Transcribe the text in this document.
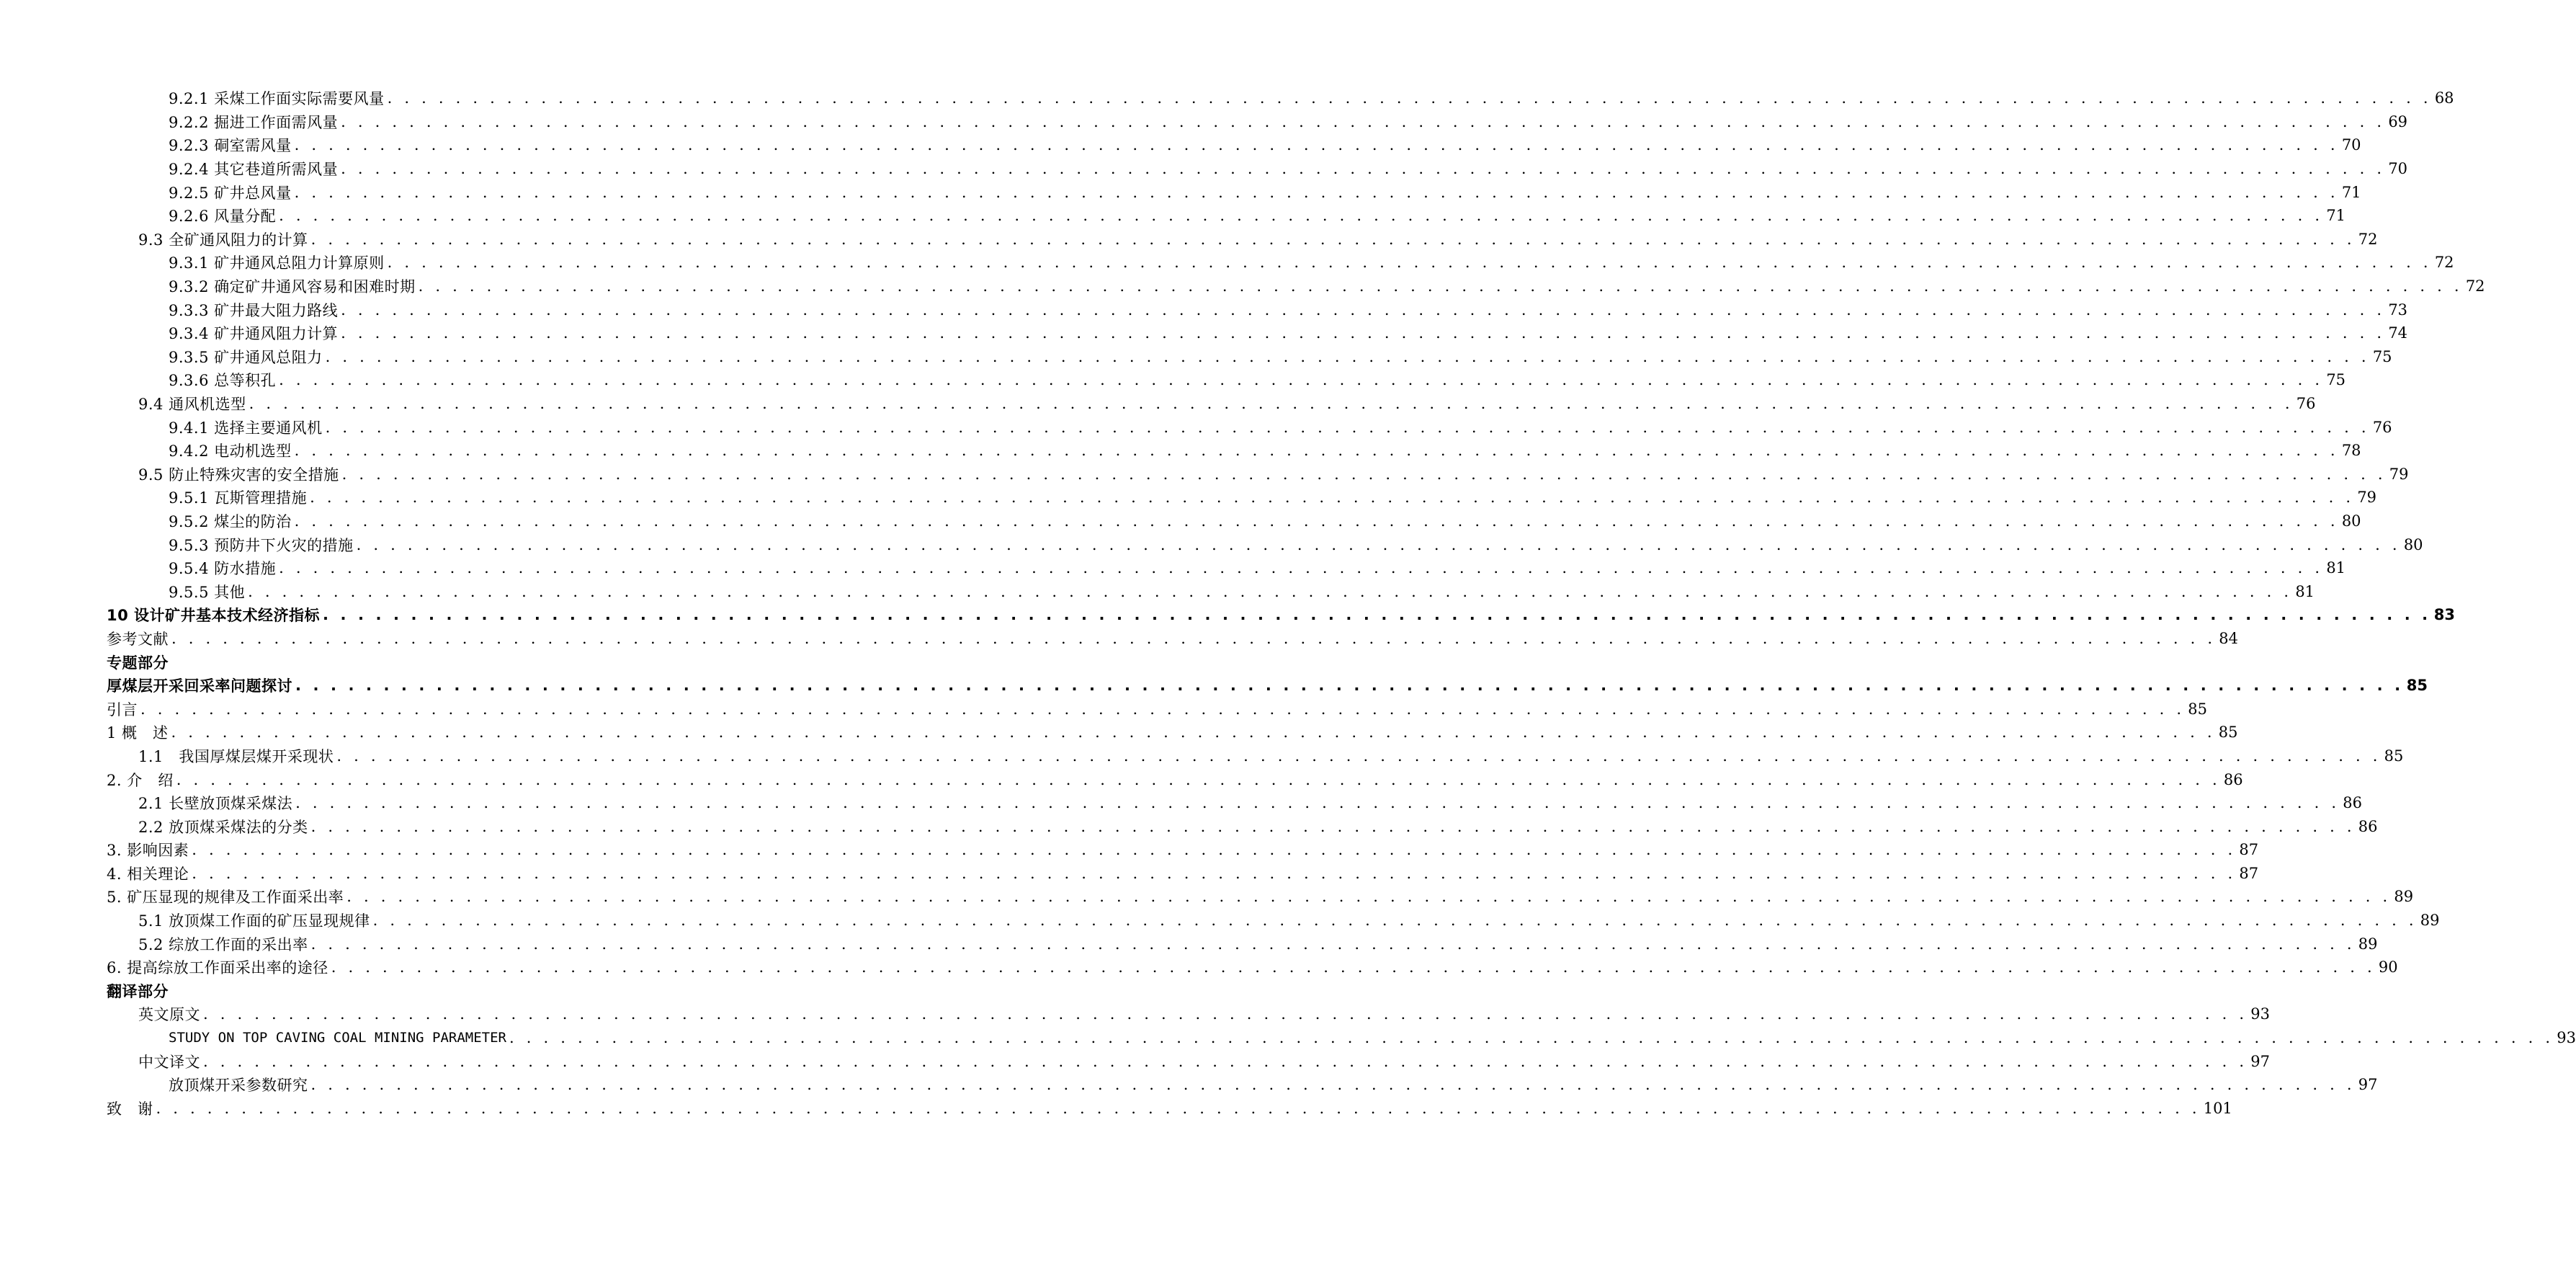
9.2.1 采煤工作面实际需要风量 . . . . . . . . . . . . . . . . . . . . . . . . . . . . . . . . . . . . . . . . . . . . . . . . . . . . . . . . . . . . . . . . . . . . . . . . . . . . . . . . . . . . . . . . . . . . . . . . . . . . . . . . . . . . . . . . . . . . . . . . 68
9.2.2 掘进工作面需风量 . . . . . . . . . . . . . . . . . . . . . . . . . . . . . . . . . . . . . . . . . . . . . . . . . . . . . . . . . . . . . . . . . . . . . . . . . . . . . . . . . . . . . . . . . . . . . . . . . . . . . . . . . . . . . . . . . . . . . . . . 69
9.2.3 硐室需风量 . . . . . . . . . . . . . . . . . . . . . . . . . . . . . . . . . . . . . . . . . . . . . . . . . . . . . . . . . . . . . . . . . . . . . . . . . . . . . . . . . . . . . . . . . . . . . . . . . . . . . . . . . . . . . . . . . . . . . . . . 70
9.2.4 其它巷道所需风量 . . . . . . . . . . . . . . . . . . . . . . . . . . . . . . . . . . . . . . . . . . . . . . . . . . . . . . . . . . . . . . . . . . . . . . . . . . . . . . . . . . . . . . . . . . . . . . . . . . . . . . . . . . . . . . . . . . . . . . . . 70
9.2.5 矿井总风量 . . . . . . . . . . . . . . . . . . . . . . . . . . . . . . . . . . . . . . . . . . . . . . . . . . . . . . . . . . . . . . . . . . . . . . . . . . . . . . . . . . . . . . . . . . . . . . . . . . . . . . . . . . . . . . . . . . . . . . . . 71
9.2.6 风量分配 . . . . . . . . . . . . . . . . . . . . . . . . . . . . . . . . . . . . . . . . . . . . . . . . . . . . . . . . . . . . . . . . . . . . . . . . . . . . . . . . . . . . . . . . . . . . . . . . . . . . . . . . . . . . . . . . . . . . . . . . 71
9.3 全矿通风阻力的计算 . . . . . . . . . . . . . . . . . . . . . . . . . . . . . . . . . . . . . . . . . . . . . . . . . . . . . . . . . . . . . . . . . . . . . . . . . . . . . . . . . . . . . . . . . . . . . . . . . . . . . . . . . . . . . . . . . . . . . . . . 72
9.3.1 矿井通风总阻力计算原则 . . . . . . . . . . . . . . . . . . . . . . . . . . . . . . . . . . . . . . . . . . . . . . . . . . . . . . . . . . . . . . . . . . . . . . . . . . . . . . . . . . . . . . . . . . . . . . . . . . . . . . . . . . . . . . . . . . . . . . . . 72
9.3.2 确定矿井通风容易和困难时期 . . . . . . . . . . . . . . . . . . . . . . . . . . . . . . . . . . . . . . . . . . . . . . . . . . . . . . . . . . . . . . . . . . . . . . . . . . . . . . . . . . . . . . . . . . . . . . . . . . . . . . . . . . . . . . . . . . . . . . . . 72
9.3.3 矿井最大阻力路线 . . . . . . . . . . . . . . . . . . . . . . . . . . . . . . . . . . . . . . . . . . . . . . . . . . . . . . . . . . . . . . . . . . . . . . . . . . . . . . . . . . . . . . . . . . . . . . . . . . . . . . . . . . . . . . . . . . . . . . . . 73
9.3.4 矿井通风阻力计算 . . . . . . . . . . . . . . . . . . . . . . . . . . . . . . . . . . . . . . . . . . . . . . . . . . . . . . . . . . . . . . . . . . . . . . . . . . . . . . . . . . . . . . . . . . . . . . . . . . . . . . . . . . . . . . . . . . . . . . . . 74
9.3.5 矿井通风总阻力 . . . . . . . . . . . . . . . . . . . . . . . . . . . . . . . . . . . . . . . . . . . . . . . . . . . . . . . . . . . . . . . . . . . . . . . . . . . . . . . . . . . . . . . . . . . . . . . . . . . . . . . . . . . . . . . . . . . . . . . . 75
9.3.6 总等积孔 . . . . . . . . . . . . . . . . . . . . . . . . . . . . . . . . . . . . . . . . . . . . . . . . . . . . . . . . . . . . . . . . . . . . . . . . . . . . . . . . . . . . . . . . . . . . . . . . . . . . . . . . . . . . . . . . . . . . . . . . 75
9.4 通风机选型 . . . . . . . . . . . . . . . . . . . . . . . . . . . . . . . . . . . . . . . . . . . . . . . . . . . . . . . . . . . . . . . . . . . . . . . . . . . . . . . . . . . . . . . . . . . . . . . . . . . . . . . . . . . . . . . . . . . . . . . . 76
9.4.1 选择主要通风机 . . . . . . . . . . . . . . . . . . . . . . . . . . . . . . . . . . . . . . . . . . . . . . . . . . . . . . . . . . . . . . . . . . . . . . . . . . . . . . . . . . . . . . . . . . . . . . . . . . . . . . . . . . . . . . . . . . . . . . . . 76
9.4.2 电动机选型 . . . . . . . . . . . . . . . . . . . . . . . . . . . . . . . . . . . . . . . . . . . . . . . . . . . . . . . . . . . . . . . . . . . . . . . . . . . . . . . . . . . . . . . . . . . . . . . . . . . . . . . . . . . . . . . . . . . . . . . . 78
9.5 防止特殊灾害的安全措施 . . . . . . . . . . . . . . . . . . . . . . . . . . . . . . . . . . . . . . . . . . . . . . . . . . . . . . . . . . . . . . . . . . . . . . . . . . . . . . . . . . . . . . . . . . . . . . . . . . . . . . . . . . . . . . . . . . . . . . . . 79
9.5.1 瓦斯管理措施 . . . . . . . . . . . . . . . . . . . . . . . . . . . . . . . . . . . . . . . . . . . . . . . . . . . . . . . . . . . . . . . . . . . . . . . . . . . . . . . . . . . . . . . . . . . . . . . . . . . . . . . . . . . . . . . . . . . . . . . . 79
9.5.2 煤尘的防治 . . . . . . . . . . . . . . . . . . . . . . . . . . . . . . . . . . . . . . . . . . . . . . . . . . . . . . . . . . . . . . . . . . . . . . . . . . . . . . . . . . . . . . . . . . . . . . . . . . . . . . . . . . . . . . . . . . . . . . . . 80
9.5.3 预防井下火灾的措施 . . . . . . . . . . . . . . . . . . . . . . . . . . . . . . . . . . . . . . . . . . . . . . . . . . . . . . . . . . . . . . . . . . . . . . . . . . . . . . . . . . . . . . . . . . . . . . . . . . . . . . . . . . . . . . . . . . . . . . . . 80
9.5.4 防水措施 . . . . . . . . . . . . . . . . . . . . . . . . . . . . . . . . . . . . . . . . . . . . . . . . . . . . . . . . . . . . . . . . . . . . . . . . . . . . . . . . . . . . . . . . . . . . . . . . . . . . . . . . . . . . . . . . . . . . . . . . 81
9.5.5 其他 . . . . . . . . . . . . . . . . . . . . . . . . . . . . . . . . . . . . . . . . . . . . . . . . . . . . . . . . . . . . . . . . . . . . . . . . . . . . . . . . . . . . . . . . . . . . . . . . . . . . . . . . . . . . . . . . . . . . . . . . 81
10 设计矿井基本技术经济指标 . . . . . . . . . . . . . . . . . . . . . . . . . . . . . . . . . . . . . . . . . . . . . . . . . . . . . . . . . . . . . . . . . . . . . . . . . . . . . . . . . . . . . . . . . . . . . . . . . . . . . . . . . . . . . . . . . . . . . . . . 83
参考文献 . . . . . . . . . . . . . . . . . . . . . . . . . . . . . . . . . . . . . . . . . . . . . . . . . . . . . . . . . . . . . . . . . . . . . . . . . . . . . . . . . . . . . . . . . . . . . . . . . . . . . . . . . . . . . . . . . . . . . . . . 84
专题部分
厚煤层开采回采率问题探讨 . . . . . . . . . . . . . . . . . . . . . . . . . . . . . . . . . . . . . . . . . . . . . . . . . . . . . . . . . . . . . . . . . . . . . . . . . . . . . . . . . . . . . . . . . . . . . . . . . . . . . . . . . . . . . . . . . . . . . . . . 85
引言 . . . . . . . . . . . . . . . . . . . . . . . . . . . . . . . . . . . . . . . . . . . . . . . . . . . . . . . . . . . . . . . . . . . . . . . . . . . . . . . . . . . . . . . . . . . . . . . . . . . . . . . . . . . . . . . . . . . . . . . . 85
1 概　述 . . . . . . . . . . . . . . . . . . . . . . . . . . . . . . . . . . . . . . . . . . . . . . . . . . . . . . . . . . . . . . . . . . . . . . . . . . . . . . . . . . . . . . . . . . . . . . . . . . . . . . . . . . . . . . . . . . . . . . . . 85
1.1　我国厚煤层煤开采现状 . . . . . . . . . . . . . . . . . . . . . . . . . . . . . . . . . . . . . . . . . . . . . . . . . . . . . . . . . . . . . . . . . . . . . . . . . . . . . . . . . . . . . . . . . . . . . . . . . . . . . . . . . . . . . . . . . . . . . . . . 85
2. 介　绍 . . . . . . . . . . . . . . . . . . . . . . . . . . . . . . . . . . . . . . . . . . . . . . . . . . . . . . . . . . . . . . . . . . . . . . . . . . . . . . . . . . . . . . . . . . . . . . . . . . . . . . . . . . . . . . . . . . . . . . . . 86
2.1 长壁放顶煤采煤法 . . . . . . . . . . . . . . . . . . . . . . . . . . . . . . . . . . . . . . . . . . . . . . . . . . . . . . . . . . . . . . . . . . . . . . . . . . . . . . . . . . . . . . . . . . . . . . . . . . . . . . . . . . . . . . . . . . . . . . . . 86
2.2 放顶煤采煤法的分类 . . . . . . . . . . . . . . . . . . . . . . . . . . . . . . . . . . . . . . . . . . . . . . . . . . . . . . . . . . . . . . . . . . . . . . . . . . . . . . . . . . . . . . . . . . . . . . . . . . . . . . . . . . . . . . . . . . . . . . . . 86
3. 影响因素 . . . . . . . . . . . . . . . . . . . . . . . . . . . . . . . . . . . . . . . . . . . . . . . . . . . . . . . . . . . . . . . . . . . . . . . . . . . . . . . . . . . . . . . . . . . . . . . . . . . . . . . . . . . . . . . . . . . . . . . . 87
4. 相关理论 . . . . . . . . . . . . . . . . . . . . . . . . . . . . . . . . . . . . . . . . . . . . . . . . . . . . . . . . . . . . . . . . . . . . . . . . . . . . . . . . . . . . . . . . . . . . . . . . . . . . . . . . . . . . . . . . . . . . . . . . 87
5. 矿压显现的规律及工作面采出率 . . . . . . . . . . . . . . . . . . . . . . . . . . . . . . . . . . . . . . . . . . . . . . . . . . . . . . . . . . . . . . . . . . . . . . . . . . . . . . . . . . . . . . . . . . . . . . . . . . . . . . . . . . . . . . . . . . . . . . . . 89
5.1 放顶煤工作面的矿压显现规律 . . . . . . . . . . . . . . . . . . . . . . . . . . . . . . . . . . . . . . . . . . . . . . . . . . . . . . . . . . . . . . . . . . . . . . . . . . . . . . . . . . . . . . . . . . . . . . . . . . . . . . . . . . . . . . . . . . . . . . . . 89
5.2 综放工作面的采出率 . . . . . . . . . . . . . . . . . . . . . . . . . . . . . . . . . . . . . . . . . . . . . . . . . . . . . . . . . . . . . . . . . . . . . . . . . . . . . . . . . . . . . . . . . . . . . . . . . . . . . . . . . . . . . . . . . . . . . . . . 89
6. 提高综放工作面采出率的途径 . . . . . . . . . . . . . . . . . . . . . . . . . . . . . . . . . . . . . . . . . . . . . . . . . . . . . . . . . . . . . . . . . . . . . . . . . . . . . . . . . . . . . . . . . . . . . . . . . . . . . . . . . . . . . . . . . . . . . . . . 90
翻译部分
英文原文 . . . . . . . . . . . . . . . . . . . . . . . . . . . . . . . . . . . . . . . . . . . . . . . . . . . . . . . . . . . . . . . . . . . . . . . . . . . . . . . . . . . . . . . . . . . . . . . . . . . . . . . . . . . . . . . . . . . . . . . . 93
STUDY ON TOP CAVING COAL MINING PARAMETER . . . . . . . . . . . . . . . . . . . . . . . . . . . . . . . . . . . . . . . . . . . . . . . . . . . . . . . . . . . . . . . . . . . . . . . . . . . . . . . . . . . . . . . . . . . . . . . . . . . . . . . . . . . . . . . . . . . . . . . . 93
中文译文 . . . . . . . . . . . . . . . . . . . . . . . . . . . . . . . . . . . . . . . . . . . . . . . . . . . . . . . . . . . . . . . . . . . . . . . . . . . . . . . . . . . . . . . . . . . . . . . . . . . . . . . . . . . . . . . . . . . . . . . . 97
放顶煤开采参数研究 . . . . . . . . . . . . . . . . . . . . . . . . . . . . . . . . . . . . . . . . . . . . . . . . . . . . . . . . . . . . . . . . . . . . . . . . . . . . . . . . . . . . . . . . . . . . . . . . . . . . . . . . . . . . . . . . . . . . . . . . 97
致　谢 . . . . . . . . . . . . . . . . . . . . . . . . . . . . . . . . . . . . . . . . . . . . . . . . . . . . . . . . . . . . . . . . . . . . . . . . . . . . . . . . . . . . . . . . . . . . . . . . . . . . . . . . . . . . . . . . . . . . . . . . 101
